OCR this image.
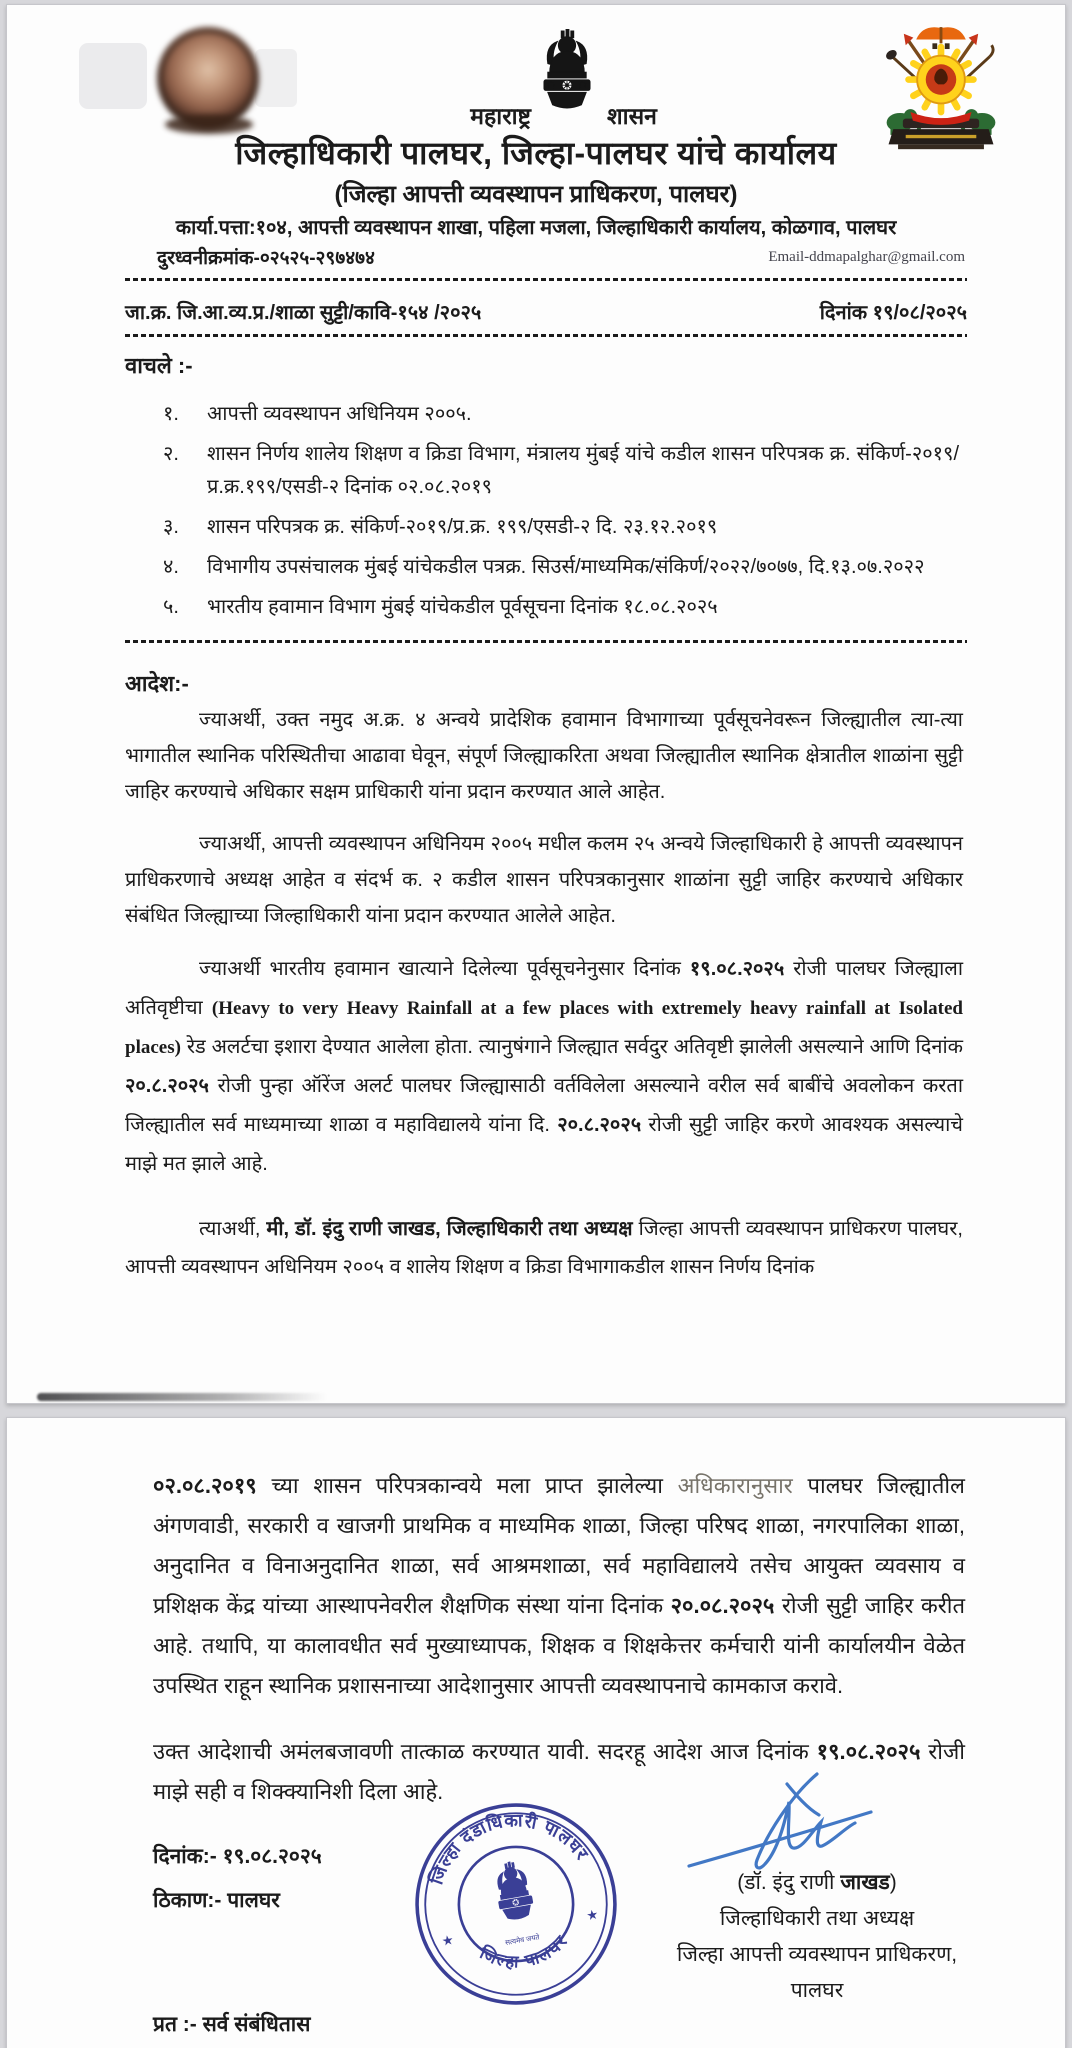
महाराष्ट्र	शासन
जिल्हाधिकारी पालघर, जिल्हा-पालघर यांचे कार्यालय
(जिल्हा आपत्ती व्यवस्थापन प्राधिकरण, पालघर)
कार्या.पत्ता:१०४, आपत्ती व्यवस्थापन शाखा, पहिला मजला, जिल्हाधिकारी कार्यालय, कोळगाव, पालघर
दुरध्वनीक्रमांक-०२५२५-२९७४७४	Email-ddmapalghar@gmail.com
जा.क्र. जि.आ.व्य.प्र./शाळा सुट्टी/कावि-१५४ /२०२५	दिनांक १९/०८/२०२५
वाचले :-
१.	आपत्ती व्यवस्थापन अधिनियम २००५.
२.	शासन निर्णय शालेय शिक्षण व क्रिडा विभाग, मंत्रालय मुंबई यांचे कडील शासन परिपत्रक क्र. संकिर्ण-२०१९/प्र.क्र.१९९/एसडी-२ दिनांक ०२.०८.२०१९
३.	शासन परिपत्रक क्र. संकिर्ण-२०१९/प्र.क्र. १९९/एसडी-२ दि. २३.१२.२०१९
४.	विभागीय उपसंचालक मुंबई यांचेकडील पत्रक्र. सिउर्स/माध्यमिक/संकिर्ण/२०२२/७०७७, दि.१३.०७.२०२२
५.	भारतीय हवामान विभाग मुंबई यांचेकडील पूर्वसूचना दिनांक १८.०८.२०२५
आदेश:-
ज्याअर्थी, उक्त नमुद अ.क्र. ४ अन्वये प्रादेशिक हवामान विभागाच्या पूर्वसूचनेवरून जिल्ह्यातील त्या-त्या भागातील स्थानिक परिस्थितीचा आढावा घेवून, संपूर्ण जिल्ह्याकरिता अथवा जिल्ह्यातील स्थानिक क्षेत्रातील शाळांना सुट्टी जाहिर करण्याचे अधिकार सक्षम प्राधिकारी यांना प्रदान करण्यात आले आहेत.
ज्याअर्थी, आपत्ती व्यवस्थापन अधिनियम २००५ मधील कलम २५ अन्वये जिल्हाधिकारी हे आपत्ती व्यवस्थापन प्राधिकरणाचे अध्यक्ष आहेत व संदर्भ क. २ कडील शासन परिपत्रकानुसार शाळांना सुट्टी जाहिर करण्याचे अधिकार संबंधित जिल्ह्याच्या जिल्हाधिकारी यांना प्रदान करण्यात आलेले आहेत.
ज्याअर्थी भारतीय हवामान खात्याने दिलेल्या पूर्वसूचनेनुसार दिनांक १९.०८.२०२५ रोजी पालघर जिल्ह्याला अतिवृष्टीचा (Heavy to very Heavy Rainfall at a few places with extremely heavy rainfall at Isolated places) रेड अलर्टचा इशारा देण्यात आलेला होता. त्यानुषंगाने जिल्ह्यात सर्वदुर अतिवृष्टी झालेली असल्याने आणि दिनांक २०.८.२०२५ रोजी पुन्हा ऑरेंज अलर्ट पालघर जिल्ह्यासाठी वर्तविलेला असल्याने वरील सर्व बाबींचे अवलोकन करता जिल्ह्यातील सर्व माध्यमाच्या शाळा व महाविद्यालये यांना दि. २०.८.२०२५ रोजी सुट्टी जाहिर करणे आवश्यक असल्याचे माझे मत झाले आहे.
त्याअर्थी, मी, डॉ. इंदु राणी जाखड, जिल्हाधिकारी तथा अध्यक्ष जिल्हा आपत्ती व्यवस्थापन प्राधिकरण पालघर, आपत्ती व्यवस्थापन अधिनियम २००५ व शालेय शिक्षण व क्रिडा विभागाकडील शासन निर्णय दिनांक
०२.०८.२०१९ च्या शासन परिपत्रकान्वये मला प्राप्त झालेल्या अधिकारानुसार पालघर जिल्ह्यातील अंगणवाडी, सरकारी व खाजगी प्राथमिक व माध्यमिक शाळा, जिल्हा परिषद शाळा, नगरपालिका शाळा, अनुदानित व विनाअनुदानित शाळा, सर्व आश्रमशाळा, सर्व महाविद्यालये तसेच आयुक्त व्यवसाय व प्रशिक्षक केंद्र यांच्या आस्थापनेवरील शैक्षणिक संस्था यांना दिनांक २०.०८.२०२५ रोजी सुट्टी जाहिर करीत आहे. तथापि, या कालावधीत सर्व मुख्याध्यापक, शिक्षक व शिक्षकेत्तर कर्मचारी यांनी कार्यालयीन वेळेत उपस्थित राहून स्थानिक प्रशासनाच्या आदेशानुसार आपत्ती व्यवस्थापनाचे कामकाज करावे.
उक्त आदेशाची अमंलबजावणी तात्काळ करण्यात यावी. सदरहू आदेश आज दिनांक १९.०८.२०२५ रोजी माझे सही व शिक्क्यानिशी दिला आहे.
दिनांक:- १९.०८.२०२५
ठिकाण:- पालघर
जिल्हा दंडाधिकारी पालघर
जिल्हा पालघर
★
★
सत्यमेव जयते
(डॉ. इंदु राणी जाखड)
जिल्हाधिकारी तथा अध्यक्ष
जिल्हा आपत्ती व्यवस्थापन प्राधिकरण,
पालघर
प्रत :- सर्व संबंधितास
